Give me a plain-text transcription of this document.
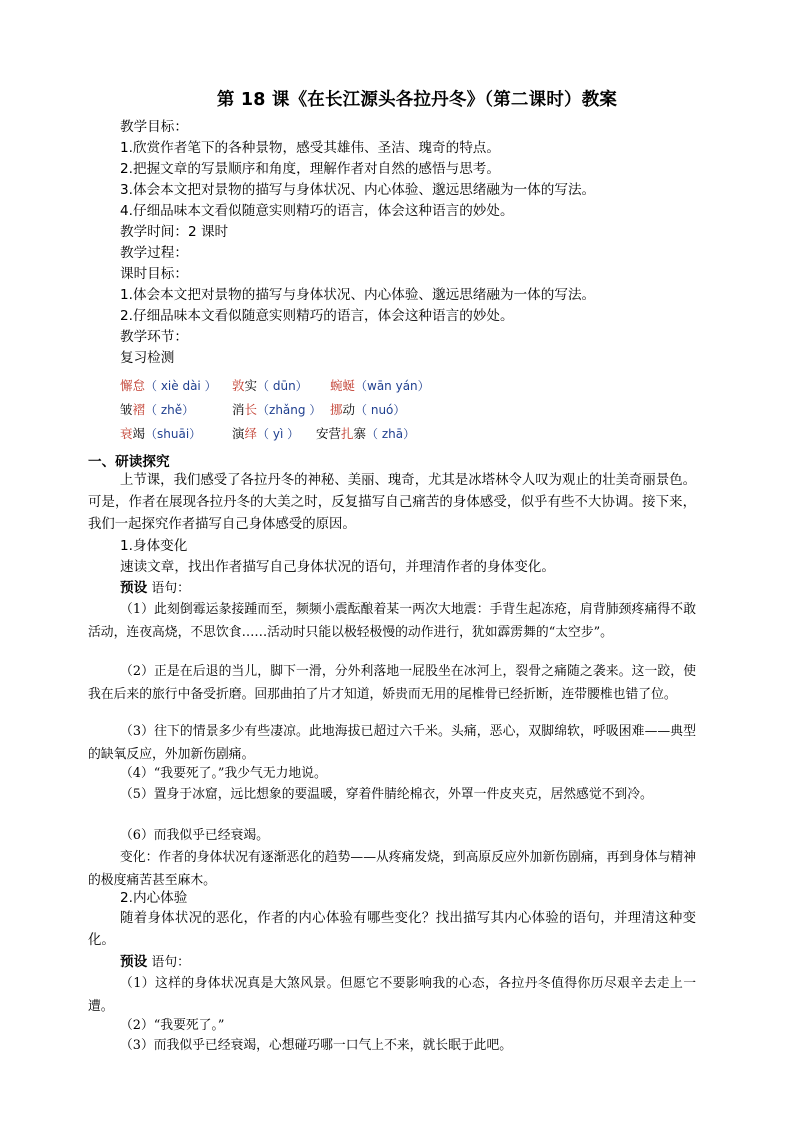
第 18 课《在长江源头各拉丹冬》（第二课时）教案
教学目标：
1.欣赏作者笔下的各种景物，感受其雄伟、圣洁、瑰奇的特点。
2.把握文章的写景顺序和角度，理解作者对自然的感悟与思考。
3.体会本文把对景物的描写与身体状况、内心体验、邈远思绪融为一体的写法。
4.仔细品味本文看似随意实则精巧的语言，体会这种语言的妙处。
教学时间：2 课时
教学过程：
课时目标：
1.体会本文把对景物的描写与身体状况、内心体验、邈远思绪融为一体的写法。
2.仔细品味本文看似随意实则精巧的语言，体会这种语言的妙处。
教学环节：
复习检测
懈怠（ xiè dài ） 敦实（ dūn） 蜿蜒（wān yán）
皱褶（ zhě）	消长（zhǎng ） 挪动（ nuó）
衰竭（shuāi） 演绎（ yì ） 安营扎寨（ zhā）
一、研读探究
上节课，我们感受了各拉丹冬的神秘、美丽、瑰奇，尤其是冰塔林令人叹为观止的壮美奇丽景色。可是，作者在展现各拉丹冬的大美之时，反复描写自己痛苦的身体感受，似乎有些不大协调。接下来，我们一起探究作者描写自己身体感受的原因。
1.身体变化
速读文章，找出作者描写自己身体状况的语句，并理清作者的身体变化。
预设 语句：
（1）此刻倒霉运彖接踵而至，频频小震酝酿着某一两次大地震：手背生起冻疮，肩背肺颈疼痛得不敢活动，连夜高烧，不思饮食……活动时只能以极轻极慢的动作进行，犹如霹雳舞的“太空步”。
（2）正是在后退的当儿，脚下一滑，分外利落地一屁股坐在冰河上，裂骨之痛随之袭来。这一跤，使我在后来的旅行中备受折磨。回那曲拍了片才知道，娇贵而无用的尾椎骨已经折断，连带腰椎也错了位。
（3）往下的情景多少有些凄凉。此地海拔已超过六千米。头痛，恶心，双脚绵软，呼吸困难——典型的缺氧反应，外加新伤剧痛。
（4）“我要死了。”我少气无力地说。
（5）置身于冰窟，远比想象的要温暖，穿着件腈纶棉衣，外罩一件皮夹克，居然感觉不到冷。
（6）而我似乎已经衰竭。
变化：作者的身体状况有逐渐恶化的趋势——从疼痛发烧，到高原反应外加新伤剧痛，再到身体与精神的极度痛苦甚至麻木。
2.内心体验
随着身体状况的恶化，作者的内心体验有哪些变化？找出描写其内心体验的语句，并理清这种变化。
预设 语句：
（1）这样的身体状况真是大煞风景。但愿它不要影响我的心态，各拉丹冬值得你历尽艰辛去走上一遭。
（2）“我要死了。”
（3）而我似乎已经衰竭，心想碰巧哪一口气上不来，就长眠于此吧。
